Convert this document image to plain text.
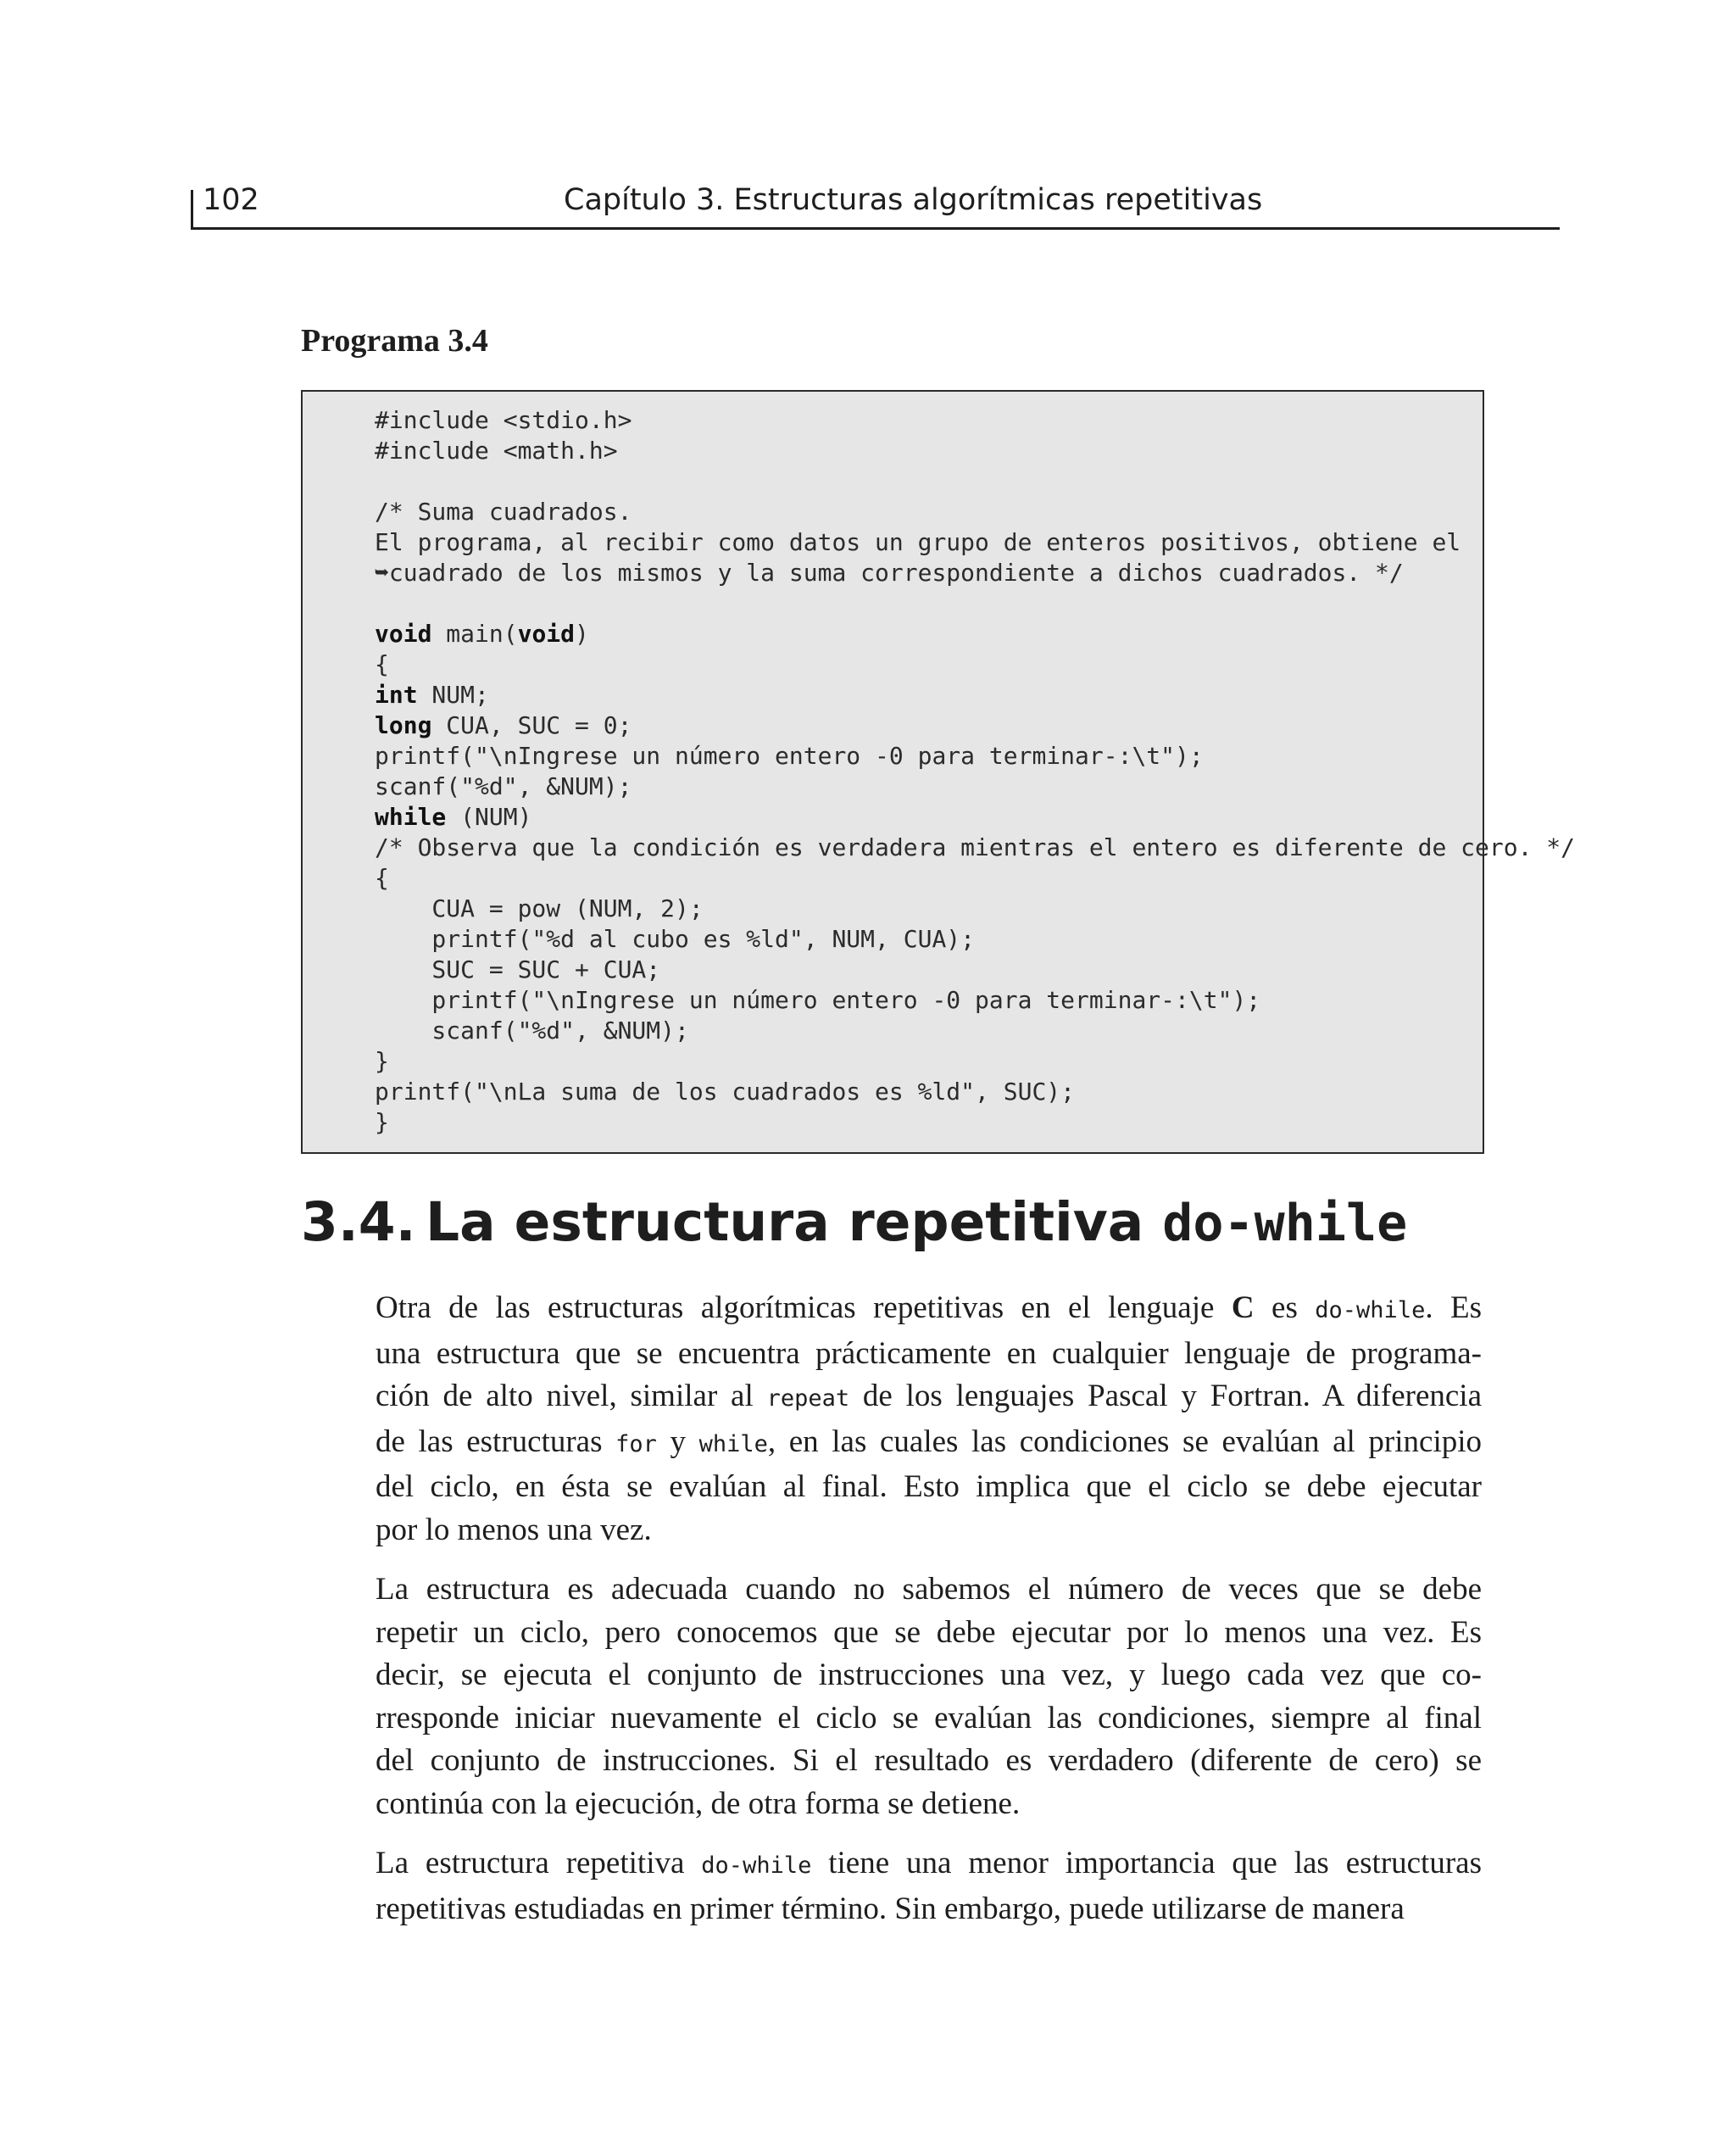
102	Capítulo 3. Estructuras algorítmicas repetitivas
Programa 3.4
#include <stdio.h>
#include <math.h>
/* Suma cuadrados.
El programa, al recibir como datos un grupo de enteros positivos, obtiene el
➥cuadrado de los mismos y la suma correspondiente a dichos cuadrados. */
void main(void)
{
int NUM;
long CUA, SUC = 0;
printf("\nIngrese un número entero -0 para terminar-:\t");
scanf("%d", &NUM);
while (NUM)
/* Observa que la condición es verdadera mientras el entero es diferente de cero. */
{
CUA = pow (NUM, 2);
printf("%d al cubo es %ld", NUM, CUA);
SUC = SUC + CUA;
printf("\nIngrese un número entero -0 para terminar-:\t");
scanf("%d", &NUM);
}
printf("\nLa suma de los cuadrados es %ld", SUC);
}
3.4. La estructura repetitiva do-while

Otra de las estructuras algorítmicas repetitivas en el lenguaje C es do-while. Es
una estructura que se encuentra prácticamente en cualquier lenguaje de programa-
ción de alto nivel, similar al repeat de los lenguajes Pascal y Fortran. A diferencia
de las estructuras for y while, en las cuales las condiciones se evalúan al principio
del ciclo, en ésta se evalúan al final. Esto implica que el ciclo se debe ejecutar
por lo menos una vez.

La estructura es adecuada cuando no sabemos el número de veces que se debe
repetir un ciclo, pero conocemos que se debe ejecutar por lo menos una vez. Es
decir, se ejecuta el conjunto de instrucciones una vez, y luego cada vez que co-
rresponde iniciar nuevamente el ciclo se evalúan las condiciones, siempre al final
del conjunto de instrucciones. Si el resultado es verdadero (diferente de cero) se
continúa con la ejecución, de otra forma se detiene.

La estructura repetitiva do-while tiene una menor importancia que las estructuras
repetitivas estudiadas en primer término. Sin embargo, puede utilizarse de manera
